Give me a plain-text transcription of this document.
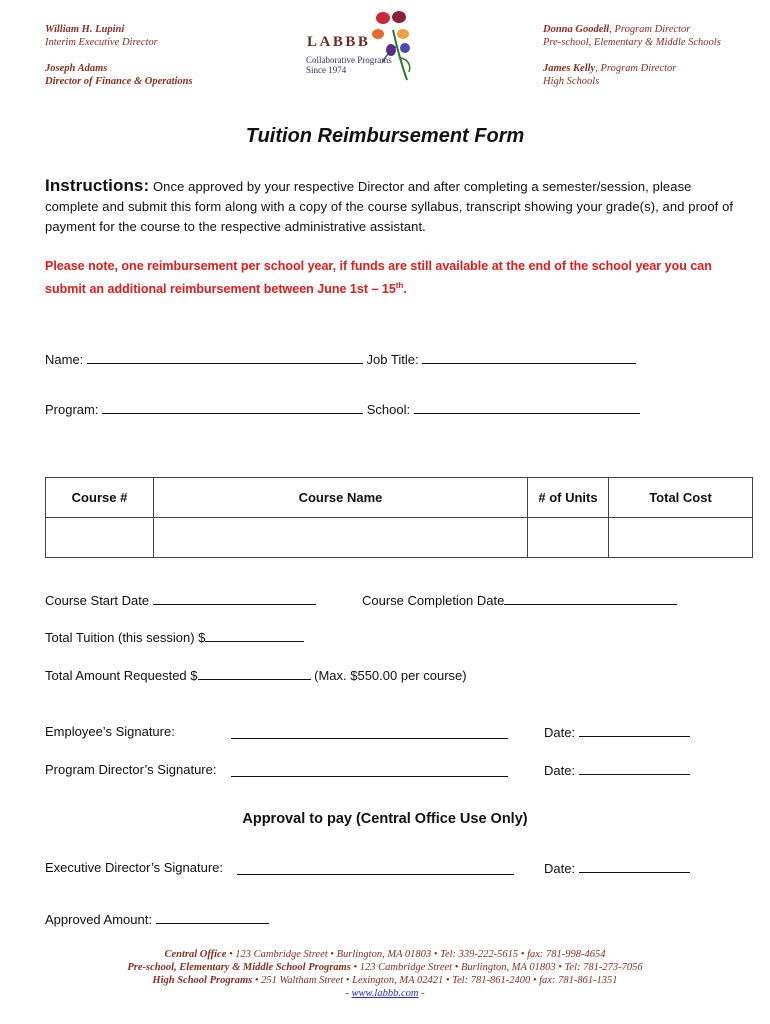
William H. Lupini
Interim Executive Director
Joseph Adams
Director of Finance & Operations
LABBB
Collaborative Programs
Since 1974
Donna Goodell, Program Director
Pre-school, Elementary & Middle Schools
James Kelly, Program Director
High Schools
Tuition Reimbursement Form
Instructions: Once approved by your respective Director and after completing a semester/session, please complete and submit this form along with a copy of the course syllabus, transcript showing your grade(s), and proof of payment for the course to the respective administrative assistant.
Please note, one reimbursement per school year, if funds are still available at the end of the school year you can submit an additional reimbursement between June 1st – 15th.
Name:	Job Title:
Program:	School:
Course #	Course Name	# of Units	Total Cost

Course Start Date	Course Completion Date
Total Tuition (this session) $
Total Amount Requested $	(Max. $550.00 per course)
Employee’s Signature:	Date:
Program Director’s Signature:	Date:
Approval to pay (Central Office Use Only)
Executive Director’s Signature:	Date:
Approved Amount:
Central Office • 123 Cambridge Street • Burlington, MA 01803 • Tel: 339-222-5615 • fax: 781-998-4654
Pre-school, Elementary & Middle School Programs • 123 Cambridge Street • Burlington, MA 01803 • Tel: 781-273-7056
High School Programs • 251 Waltham Street • Lexington, MA 02421 • Tel: 781-861-2400 • fax: 781-861-1351
- www.labbb.com -
